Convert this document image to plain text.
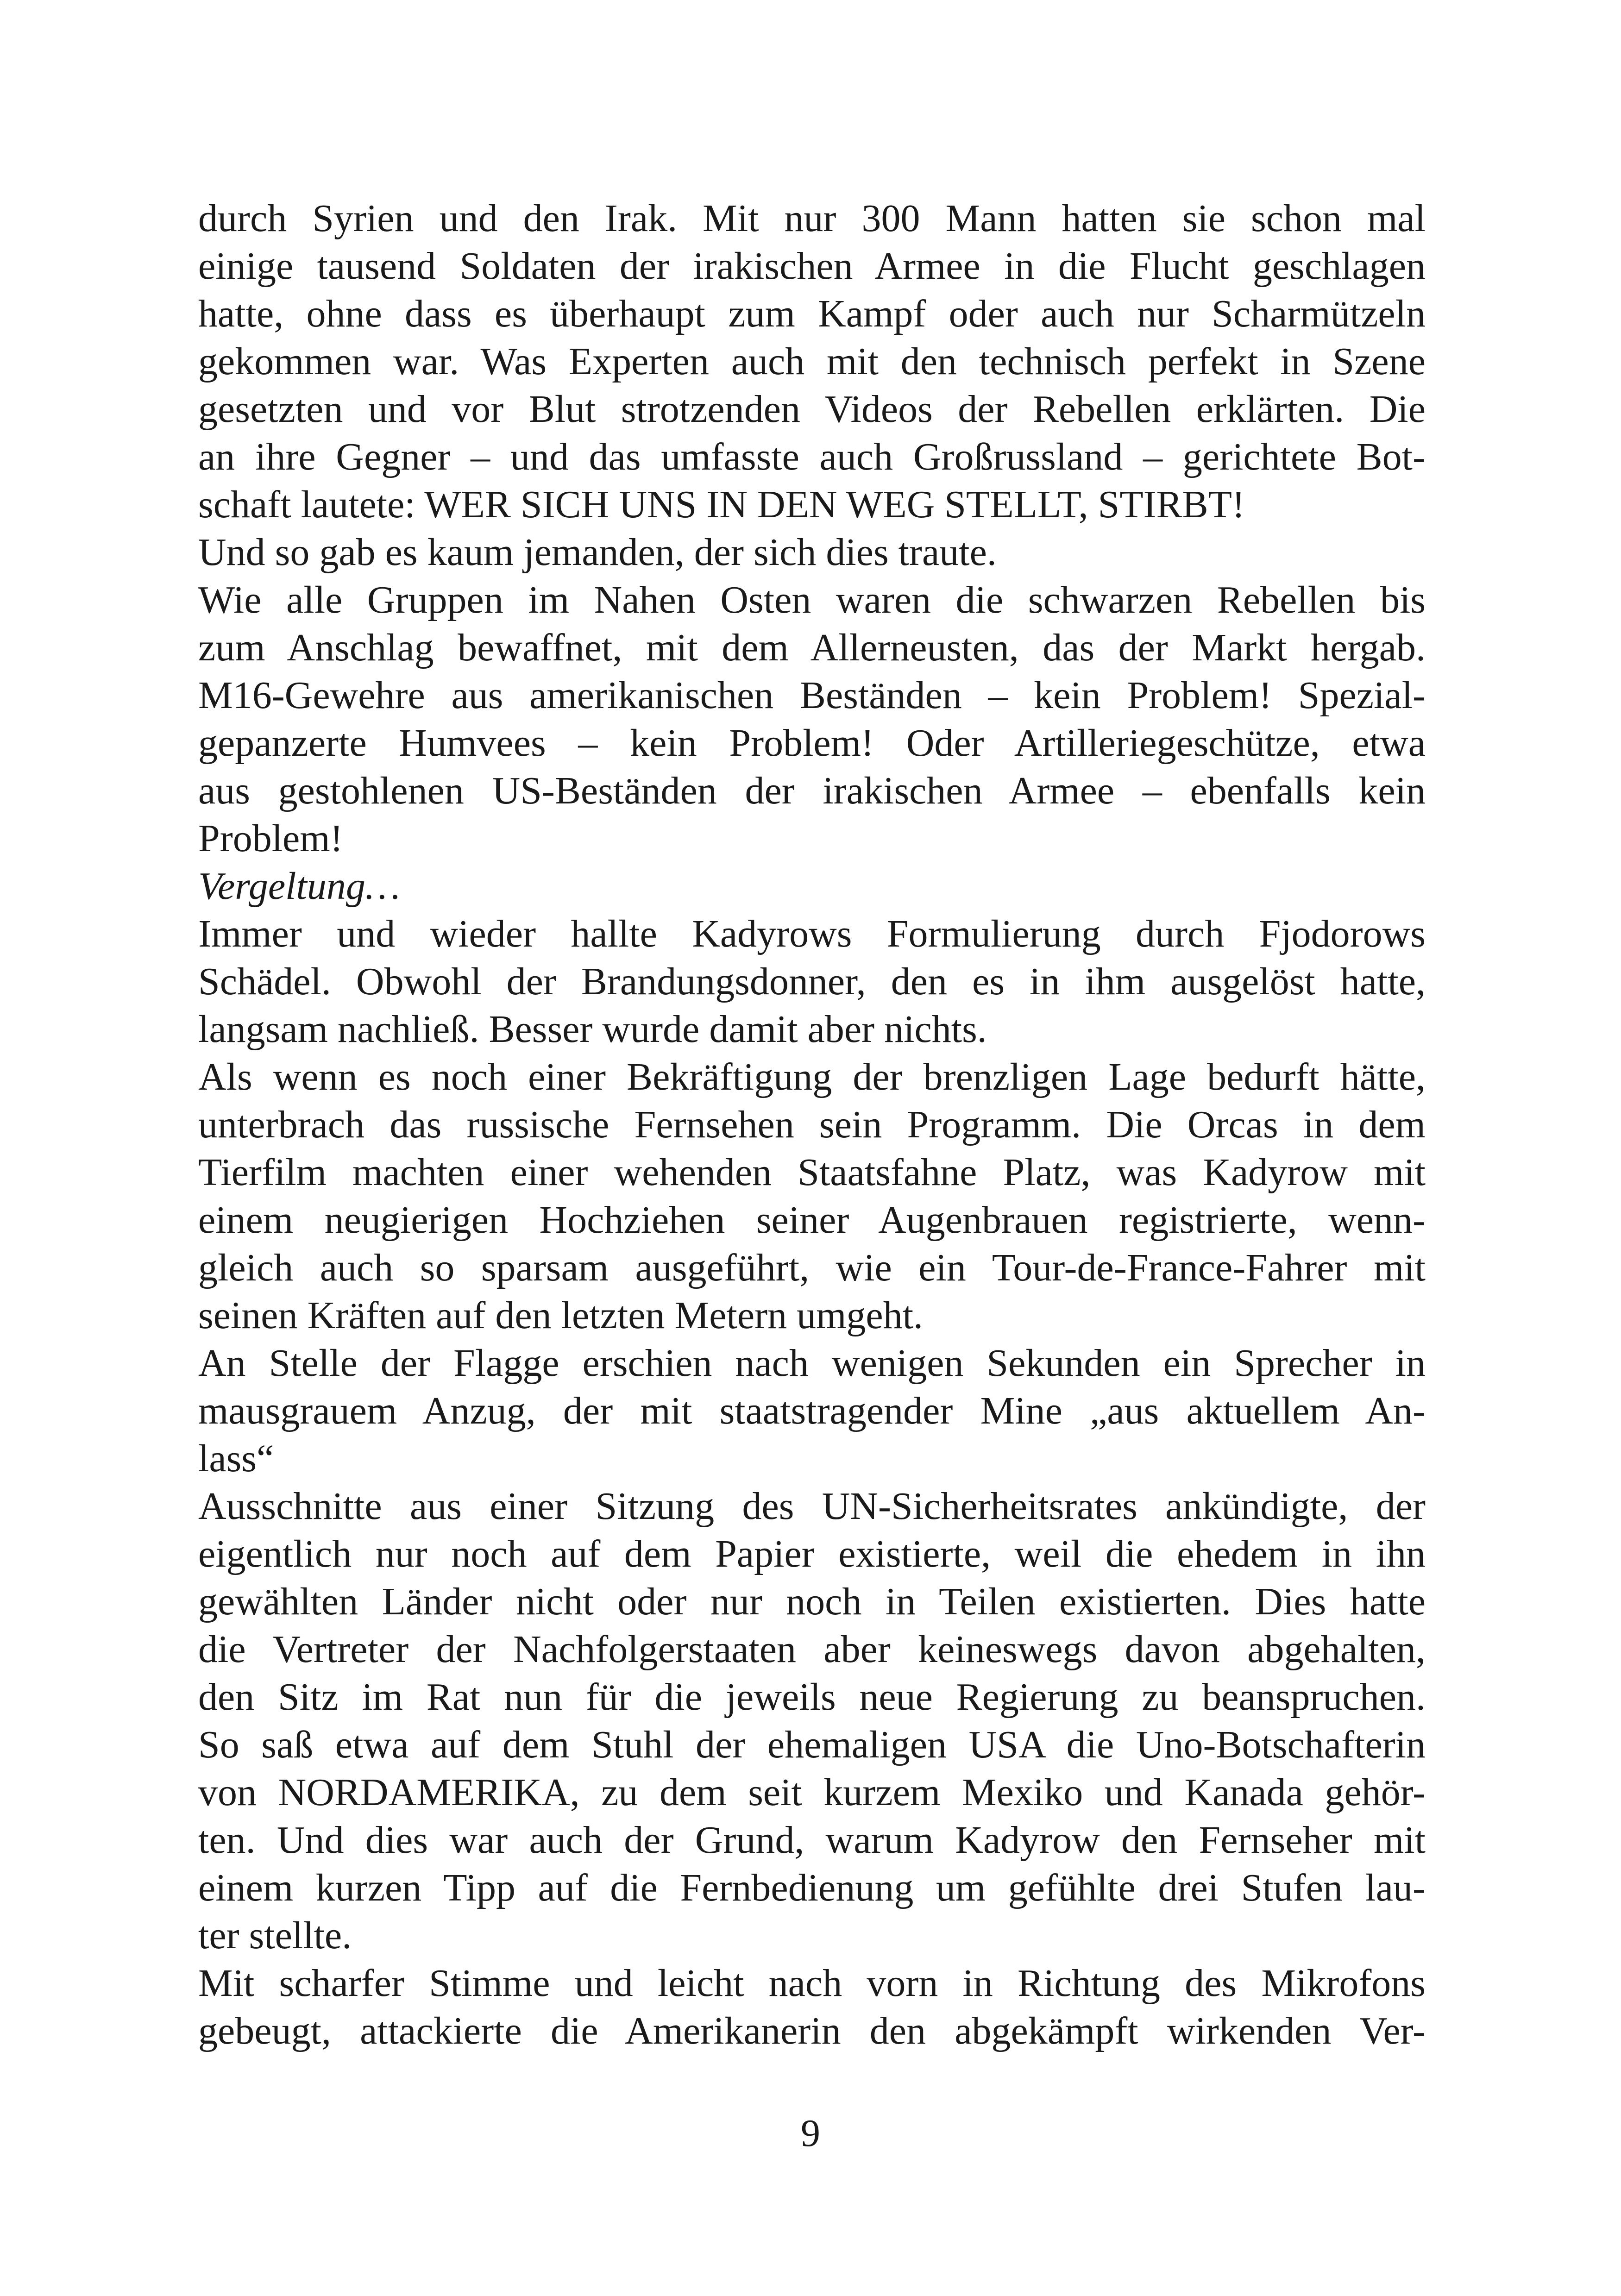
durch Syrien und den Irak. Mit nur 300 Mann hatten sie schon mal
einige tausend Soldaten der irakischen Armee in die Flucht geschlagen
hatte, ohne dass es überhaupt zum Kampf oder auch nur Scharmützeln
gekommen war. Was Experten auch mit den technisch perfekt in Szene
gesetzten und vor Blut strotzenden Videos der Rebellen erklärten. Die
an ihre Gegner – und das umfasste auch Großrussland – gerichtete Bot-
schaft lautete: WER SICH UNS IN DEN WEG STELLT, STIRBT!
Und so gab es kaum jemanden, der sich dies traute.
Wie alle Gruppen im Nahen Osten waren die schwarzen Rebellen bis
zum Anschlag bewaffnet, mit dem Allerneusten, das der Markt hergab.
M16-Gewehre aus amerikanischen Beständen – kein Problem! Spezial-
gepanzerte Humvees – kein Problem! Oder Artilleriegeschütze, etwa
aus gestohlenen US-Beständen der irakischen Armee – ebenfalls kein
Problem!
Vergeltung…
Immer und wieder hallte Kadyrows Formulierung durch Fjodorows
Schädel. Obwohl der Brandungsdonner, den es in ihm ausgelöst hatte,
langsam nachließ. Besser wurde damit aber nichts.
Als wenn es noch einer Bekräftigung der brenzligen Lage bedurft hätte,
unterbrach das russische Fernsehen sein Programm. Die Orcas in dem
Tierfilm machten einer wehenden Staatsfahne Platz, was Kadyrow mit
einem neugierigen Hochziehen seiner Augenbrauen registrierte, wenn-
gleich auch so sparsam ausgeführt, wie ein Tour-de-France-Fahrer mit
seinen Kräften auf den letzten Metern umgeht.
An Stelle der Flagge erschien nach wenigen Sekunden ein Sprecher in
mausgrauem Anzug, der mit staatstragender Mine „aus aktuellem An-
lass“
Ausschnitte aus einer Sitzung des UN-Sicherheitsrates ankündigte, der
eigentlich nur noch auf dem Papier existierte, weil die ehedem in ihn
gewählten Länder nicht oder nur noch in Teilen existierten. Dies hatte
die Vertreter der Nachfolgerstaaten aber keineswegs davon abgehalten,
den Sitz im Rat nun für die jeweils neue Regierung zu beanspruchen.
So saß etwa auf dem Stuhl der ehemaligen USA die Uno-Botschafterin
von NORDAMERIKA, zu dem seit kurzem Mexiko und Kanada gehör-
ten. Und dies war auch der Grund, warum Kadyrow den Fernseher mit
einem kurzen Tipp auf die Fernbedienung um gefühlte drei Stufen lau-
ter stellte.
Mit scharfer Stimme und leicht nach vorn in Richtung des Mikrofons
gebeugt, attackierte die Amerikanerin den abgekämpft wirkenden Ver-
9
